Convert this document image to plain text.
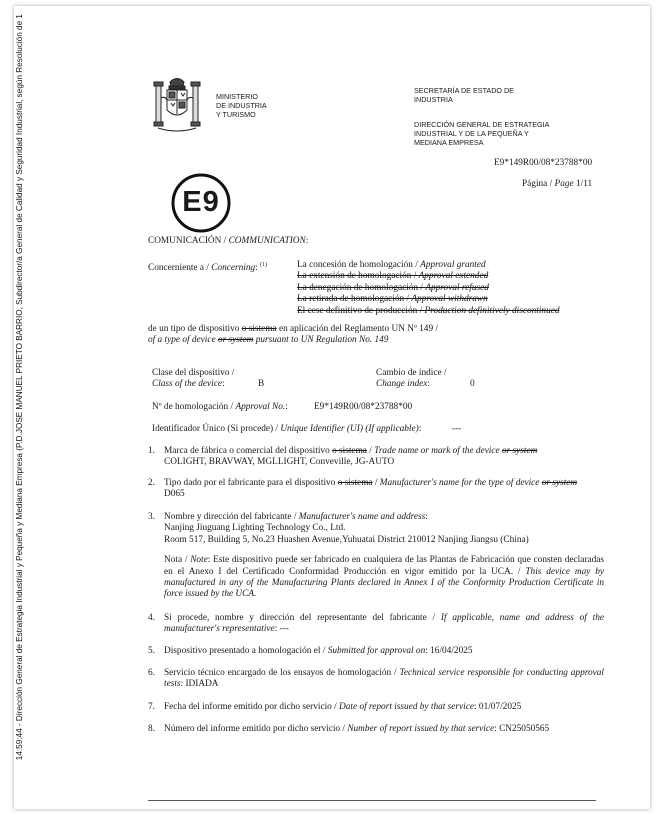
14:59:44 - Dirección General de Estrategia Industrial y Pequeña y Mediana Empresa (P.D.JOSE MANUEL PRIETO BARRIO, Subdirector/a General de Calidad y Seguridad Industrial, según Resolución de 1	MINISTERIO
DE INDUSTRIA
Y TURISMO
SECRETARÍA DE ESTADO DE
INDUSTRIA
DIRECCIÓN GENERAL DE ESTRATEGIA
INDUSTRIAL Y DE LA PEQUEÑA Y
MEDIANA EMPRESA
E9*149R00/08*23788*00
Página / Page 1/11
E9
COMUNICACIÓN / COMMUNICATION:
Concerniente a / Concerning: $^{(1)}$	La concesión de homologación / Approval granted
La extensión de homologación / Approval extended
La denegación de homologación / Approval refused
La retirada de homologación / Approval withdrawn
El cese definitivo de producción / Production definitively discontinued
de un tipo de dispositivo o sistema en aplicación del Reglamento UN Nº 149 /
of a type of device or system pursuant to UN Regulation No. 149
Clase del dispositivo /
Class of the device:	B
Cambio de índice /
Change index:	0
Nº de homologación / Approval No.:	E9*149R00/08*23788*00
Identificador Único (Si procede) / Unique Identifier (UI) (If applicable):	---
1. Marca de fábrica o comercial del dispositivo o sistema / Trade name or mark of the device or system
COLIGHT, BRAVWAY, MGLLIGHT, Conveville, JG-AUTO
2. Tipo dado por el fabricante para el dispositivo o sistema / Manufacturer's name for the type of device or system
D065
3. Nombre y dirección del fabricante / Manufacturer's name and address:
Nanjing Jiuguang Lighting Technology Co., Ltd.
Room 517, Building 5, No.23 Huashen Avenue,Yuhuatai District 210012 Nanjing Jiangsu (China)
Nota / Note: Este dispositivo puede ser fabricado en cualquiera de las Plantas de Fabricación que consten declaradas en el Anexo I del Certificado Conformidad Producción en vigor emitido por la UCA. / This device may by manufactured in any of the Manufacturing Plants declared in Annex I of the Conformity Production Certificate in force issued by the UCA.
4. Si procede, nombre y dirección del representante del fabricante / If applicable, name and address of the manufacturer's representative: ---
5. Dispositivo presentado a homologación el / Submitted for approval on: 16/04/2025
6. Servicio técnico encargado de los ensayos de homologación / Technical service responsible for conducting approval tests: IDIADA
7. Fecha del informe emitido por dicho servicio / Date of report issued by that service: 01/07/2025
8. Número del informe emitido por dicho servicio / Number of report issued by that service: CN25050565
